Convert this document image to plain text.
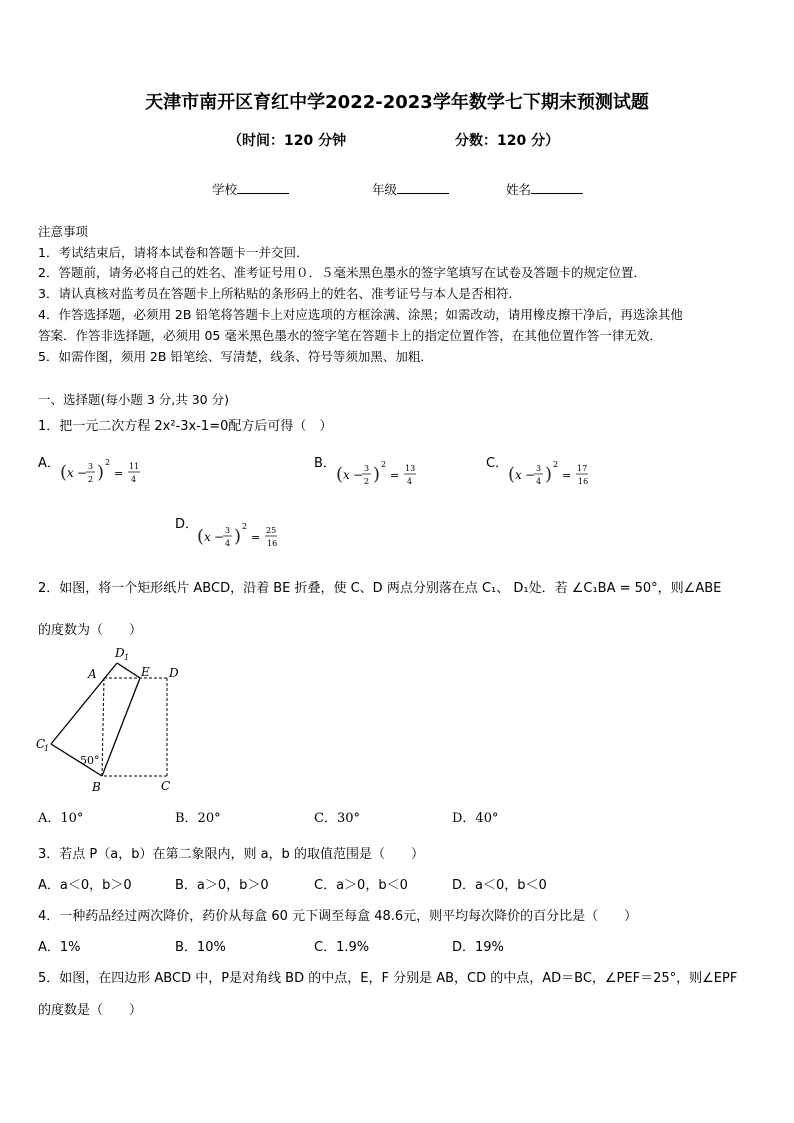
天津市南开区育红中学2022-2023学年数学七下期末预测试题
（时间：120 分钟	分数：120 分）
学校	年级	姓名
注意事项
1．考试结束后，请将本试卷和答题卡一并交回．
2．答题前，请务必将自己的姓名、准考证号用０．５毫米黑色墨水的签字笔填写在试卷及答题卡的规定位置．
3．请认真核对监考员在答题卡上所粘贴的条形码上的姓名、准考证号与本人是否相符．
4．作答选择题，必须用 2B 铅笔将答题卡上对应选项的方框涂满、涂黑；如需改动，请用橡皮擦干净后，再选涂其他
答案．作答非选择题，必须用 05 毫米黑色墨水的签字笔在答题卡上的指定位置作答，在其他位置作答一律无效．
5．如需作图，须用 2B 铅笔绘、写清楚，线条、符号等须加黑、加粗．
一、选择题(每小题 3 分,共 30 分)
1．把一元二次方程 2x²-3x-1=0配方后可得（　）
A． ( x − 3
2 ) 2
=
11
4
B．
( x − 3
2 ) 2
=
13
4
C．
( x − 3
4 ) 2
=
17
16
D．
( x − 3
4 ) 2
=
25
16
2．如图，将一个矩形纸片 ABCD，沿着 BE 折叠，使 C、D 两点分别落在点 C₁、 D₁处．若 ∠C₁BA = 50°，则∠ABE
的度数为（　　）
D 1
A	E D
C
1
50°
B	C
A．10°	B．20°	C．30°	D．40°
3．若点 P（a，b）在第二象限内，则 a，b 的取值范围是（　　）
A．a＜0，b＞0	B．a＞0，b＞0	C．a＞0，b＜0	D．a＜0，b＜0
4．一种药品经过两次降价，药价从每盒 60 元下调至每盒 48.6元，则平均每次降价的百分比是（　　）
A．1%	B．10%	C．1.9%	D．19%
5．如图，在四边形 ABCD 中，P是对角线 BD 的中点，E，F 分别是 AB，CD 的中点，AD＝BC，∠PEF＝25°，则∠EPF
的度数是（　　）
